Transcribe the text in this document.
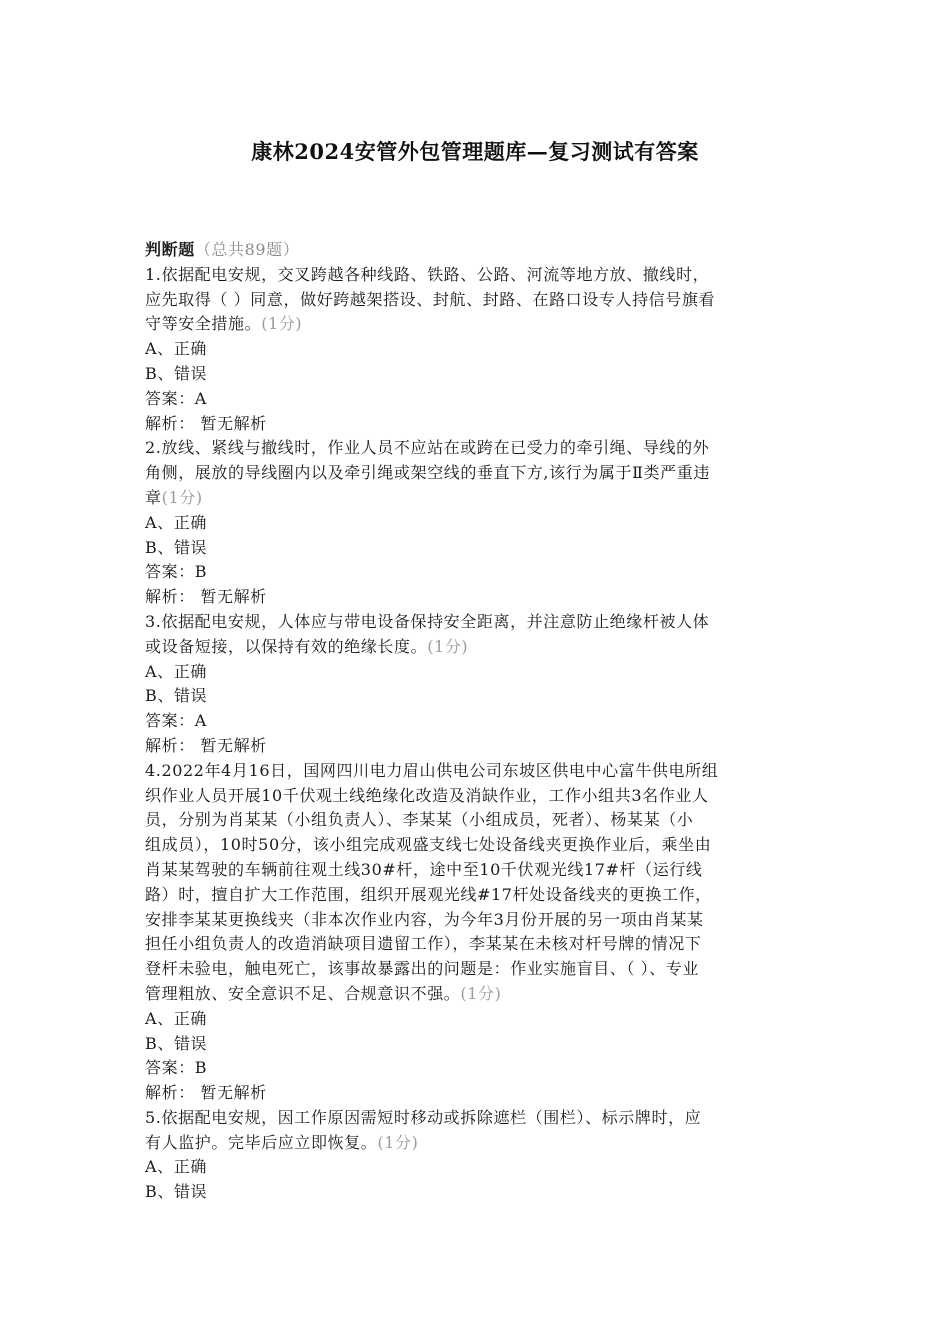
康林2024安管外包管理题库—复习测试有答案
判断题（总共89题）
1.依据配电安规，交叉跨越各种线路、铁路、公路、河流等地方放、撤线时，
应先取得（ ）同意，做好跨越架搭设、封航、封路、在路口设专人持信号旗看
守等安全措施。(1分)
A、正确
B、错误
答案：A
解析： 暂无解析
2.放线、紧线与撤线时，作业人员不应站在或跨在已受力的牵引绳、导线的外
角侧，展放的导线圈内以及牵引绳或架空线的垂直下方,该行为属于Ⅱ类严重违
章(1分)
A、正确
B、错误
答案：B
解析： 暂无解析
3.依据配电安规，人体应与带电设备保持安全距离，并注意防止绝缘杆被人体
或设备短接，以保持有效的绝缘长度。(1分)
A、正确
B、错误
答案：A
解析： 暂无解析
4.2022年4月16日，国网四川电力眉山供电公司东坡区供电中心富牛供电所组
织作业人员开展10千伏观土线绝缘化改造及消缺作业，工作小组共3名作业人
员，分别为肖某某（小组负责人）、李某某（小组成员，死者）、杨某某（小
组成员），10时50分，该小组完成观盛支线七处设备线夹更换作业后，乘坐由
肖某某驾驶的车辆前往观土线30#杆，途中至10千伏观光线17#杆（运行线
路）时，擅自扩大工作范围，组织开展观光线#17杆处设备线夹的更换工作，
安排李某某更换线夹（非本次作业内容，为今年3月份开展的另一项由肖某某
担任小组负责人的改造消缺项目遗留工作），李某某在未核对杆号牌的情况下
登杆未验电，触电死亡，该事故暴露出的问题是：作业实施盲目、（ ）、专业
管理粗放、安全意识不足、合规意识不强。(1分)
A、正确
B、错误
答案：B
解析： 暂无解析
5.依据配电安规，因工作原因需短时移动或拆除遮栏（围栏）、标示牌时，应
有人监护。完毕后应立即恢复。(1分)
A、正确
B、错误
